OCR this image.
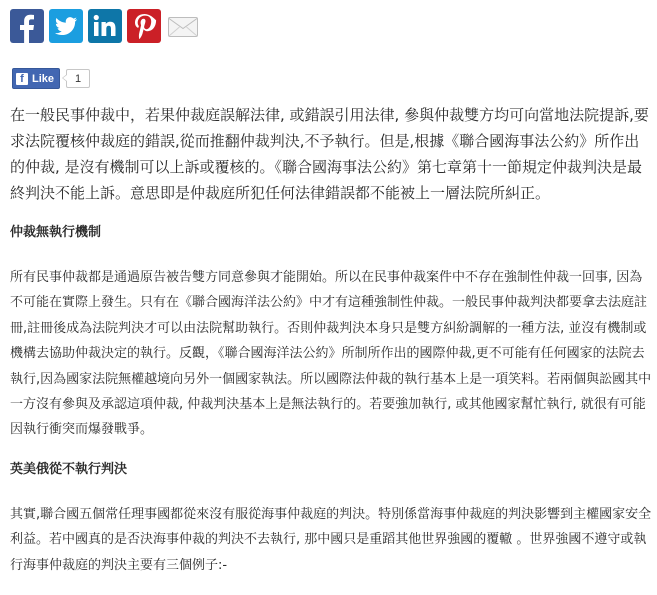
f Like	1

在一般民事仲裁中，若果仲裁庭誤解法律, 或錯誤引用法律, 參與仲裁雙方均可向當地法院提訴,要求法院覆核仲裁庭的錯誤,從而推翻仲裁判決,不予執行。但是,根據《聯合國海事法公約》所作出的仲裁, 是沒有機制可以上訴或覆核的。《聯合國海事法公約》第七章第十一節規定仲裁判決是最終判決不能上訴。意思即是仲裁庭所犯任何法律錯誤都不能被上一層法院所糾正。

仲裁無執行機制

所有民事仲裁都是通過原告被告雙方同意參與才能開始。所以在民事仲裁案件中不存在強制性仲裁一回事, 因為不可能在實際上發生。只有在《聯合國海洋法公約》中才有這種強制性仲裁。一般民事仲裁判決都要拿去法庭註冊,註冊後成為法院判決才可以由法院幫助執行。否則仲裁判決本身只是雙方糾紛調解的一種方法, 並沒有機制或機構去協助仲裁決定的執行。反觀，《聯合國海洋法公約》所制所作出的國際仲裁,更不可能有任何國家的法院去執行,因為國家法院無權越境向另外一個國家執法。所以國際法仲裁的執行基本上是一項笑料。若兩個與訟國其中一方沒有參與及承認這項仲裁, 仲裁判決基本上是無法執行的。若要強加執行, 或其他國家幫忙執行, 就很有可能因執行衝突而爆發戰爭。

英美俄從不執行判決

其實,聯合國五個常任理事國都從來沒有服從海事仲裁庭的判決。特別係當海事仲裁庭的判決影響到主權國家安全利益。若中國真的是否決海事仲裁的判決不去執行, 那中國只是重蹈其他世界強國的覆轍 。世界強國不遵守或執行海事仲裁庭的判決主要有三個例子:-
